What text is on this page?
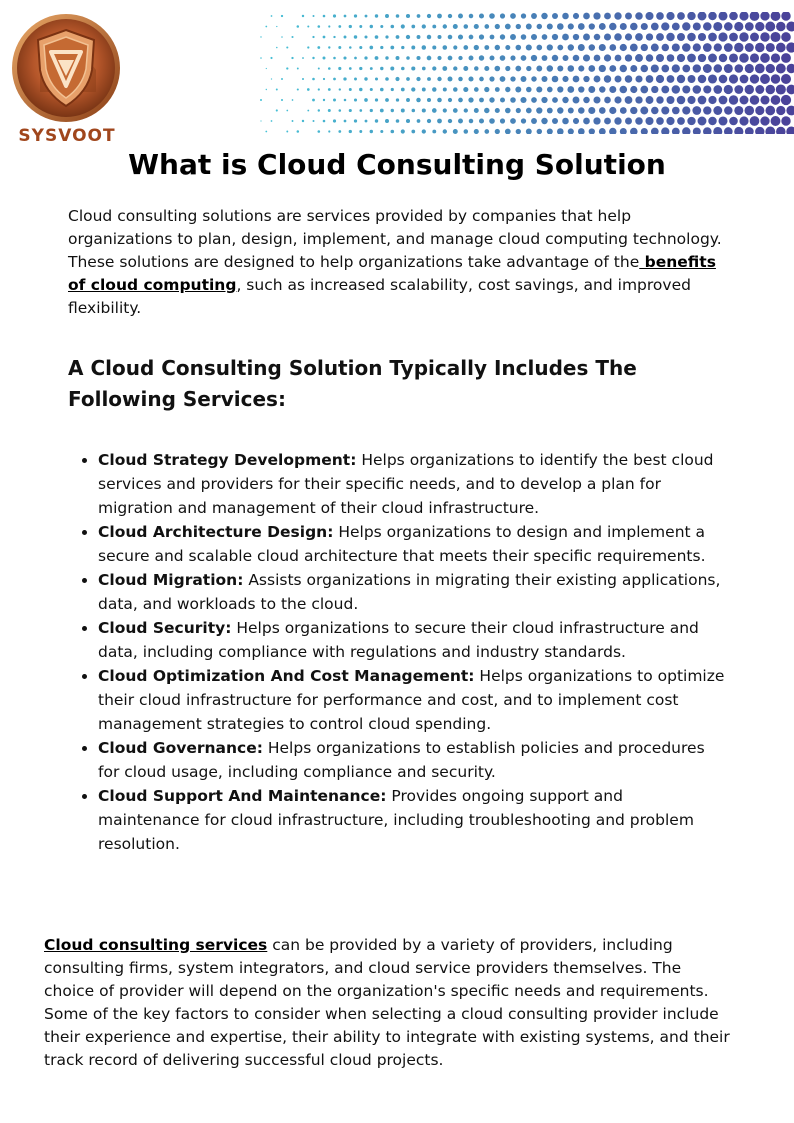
SYSVOOT
What is Cloud Consulting Solution

Cloud consulting solutions are services provided by companies that help organizations to plan, design, implement, and manage cloud computing technology. These solutions are designed to help organizations take advantage of the benefits of cloud computing, such as increased scalability, cost savings, and improved flexibility.

A Cloud Consulting Solution Typically Includes The Following Services:
• Cloud Strategy Development: Helps organizations to identify the best cloud services and providers for their specific needs, and to develop a plan for migration and management of their cloud infrastructure.
• Cloud Architecture Design: Helps organizations to design and implement a secure and scalable cloud architecture that meets their specific requirements.
• Cloud Migration: Assists organizations in migrating their existing applications, data, and workloads to the cloud.
• Cloud Security: Helps organizations to secure their cloud infrastructure and data, including compliance with regulations and industry standards.
• Cloud Optimization And Cost Management: Helps organizations to optimize their cloud infrastructure for performance and cost, and to implement cost management strategies to control cloud spending.
• Cloud Governance: Helps organizations to establish policies and procedures for cloud usage, including compliance and security.
• Cloud Support And Maintenance: Provides ongoing support and maintenance for cloud infrastructure, including troubleshooting and problem resolution.

Cloud consulting services can be provided by a variety of providers, including consulting firms, system integrators, and cloud service providers themselves. The choice of provider will depend on the organization's specific needs and requirements. Some of the key factors to consider when selecting a cloud consulting provider include their experience and expertise, their ability to integrate with existing systems, and their track record of delivering successful cloud projects.
